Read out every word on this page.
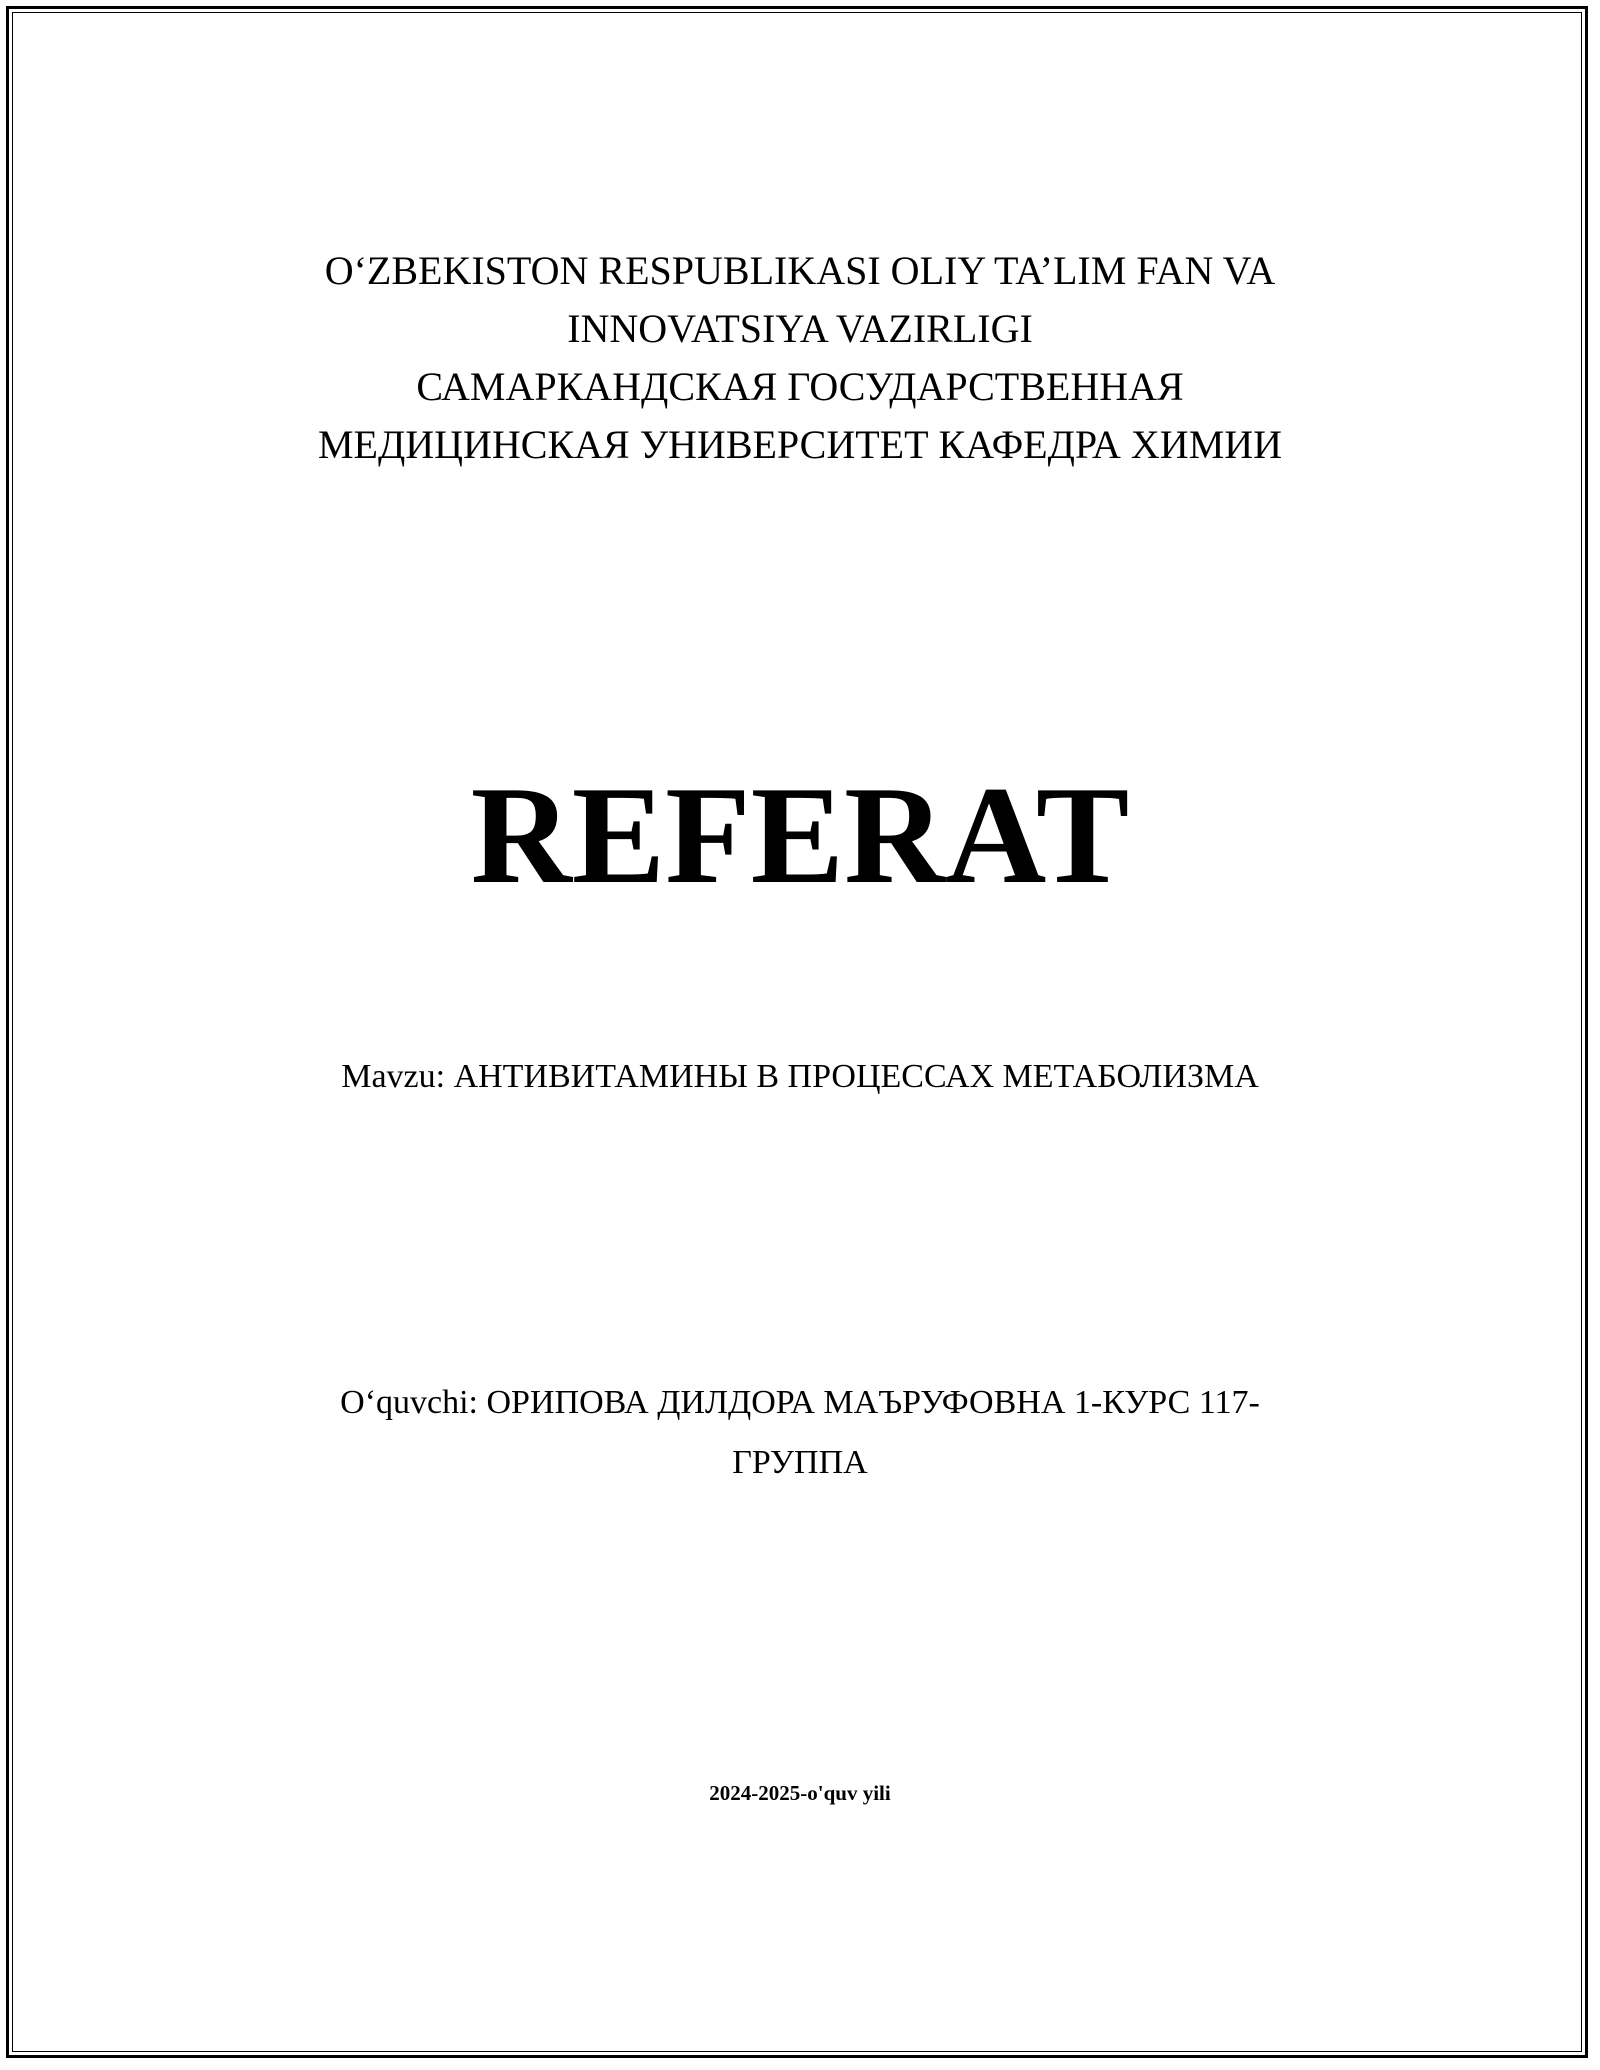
O‘ZBEKISTON RESPUBLIKASI OLIY TA’LIM FAN VA
INNOVATSIYA VAZIRLIGI
САМАРКАНДСКАЯ ГОСУДАРСТВЕННАЯ
МЕДИЦИНСКАЯ УНИВЕРСИТЕТ КАФЕДРА ХИМИИ
REFERAT
Mavzu: АНТИВИТАМИНЫ В ПРОЦЕССАХ МЕТАБОЛИЗМА
O‘quvchi: ОРИПОВА ДИЛДОРА МАЪРУФОВНА 1-КУРС 117-
ГРУППА
2024-2025-o'quv yili
